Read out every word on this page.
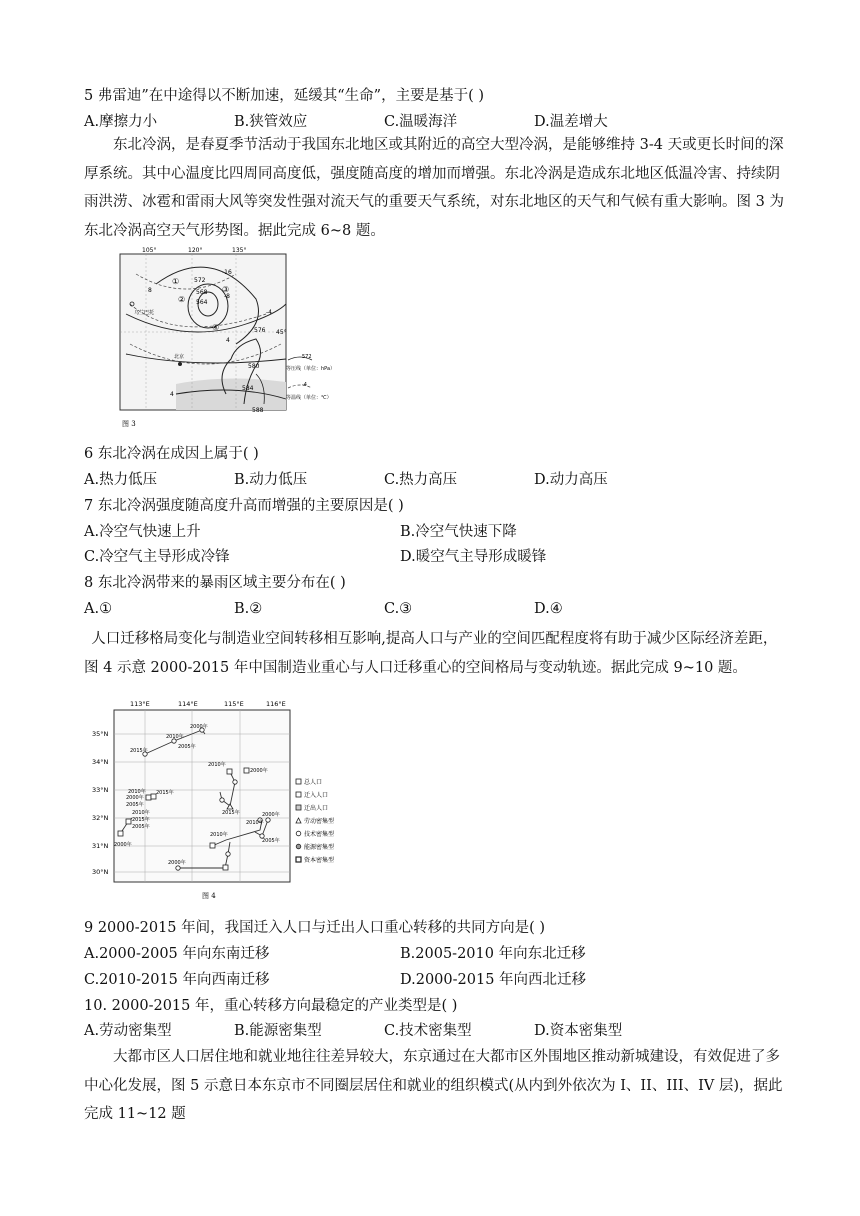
5 弗雷迪”在中途得以不断加速，延缓其“生命”，主要是基于( )
A.摩擦力小	B.狭管效应	C.温暖海洋	D.温差增大
东北冷涡，是春夏季节活动于我国东北地区或其附近的高空大型冷涡，是能够维持 3-4 天或更长时间的深厚系统。其中心温度比四周同高度低，强度随高度的增加而增强。东北冷涡是造成东北地区低温冷害、持续阴雨洪涝、冰雹和雷雨大风等突发性强对流天气的重要天气系统，对东北地区的天气和气候有重大影响。图 3 为东北冷涡高空天气形势图。据此完成 6~8 题。
105°	120°	135°
45°
572
568
564
576
580
584
588
-16
-8
-4
8
4
4
①
②
③
④
乌兰巴托
北京	572
等压线（单位：hPa）
-4
等温线（单位：℃）
图 3
6 东北冷涡在成因上属于( )
A.热力低压	B.动力低压	C.热力高压	D.动力高压
7 东北冷涡强度随高度升高而增强的主要原因是( )
A.冷空气快速上升	B.冷空气快速下降
C.冷空气主导形成冷锋	D.暖空气主导形成暖锋
8 东北冷涡带来的暴雨区域主要分布在( )
A.①	B.②	C.③	D.④
人口迁移格局变化与制造业空间转移相互影响,提高人口与产业的空间匹配程度将有助于减少区际经济差距，图 4 示意 2000-2015 年中国制造业重心与人口迁移重心的空间格局与变动轨迹。据此完成 9~10 题。
113°E	114°E	115°E	116°E
35°N
34°N
33°N
32°N
31°N
30°N
2000年
2005年
2010年
2015年
2000年
2005年
2010年
2015年
2000年
2005年
2010年 2015年
2000年
2010年
2000年
2010年
2000年
2015年
2010年
2005年
总人口
迁入人口
迁出人口
劳动密集型
技术密集型
能源密集型
资本密集型
图 4
9 2000-2015 年间，我国迁入人口与迁出人口重心转移的共同方向是( )
A.2000-2005 年向东南迁移	B.2005-2010 年向东北迁移
C.2010-2015 年向西南迁移	D.2000-2015 年向西北迁移
10. 2000-2015 年，重心转移方向最稳定的产业类型是( )
A.劳动密集型	B.能源密集型	C.技术密集型	D.资本密集型
大都市区人口居住地和就业地往往差异较大，东京通过在大都市区外围地区推动新城建设，有效促进了多中心化发展，图 5 示意日本东京市不同圈层居住和就业的组织模式(从内到外依次为 I、II、III、IV 层)，据此完成 11~12 题
